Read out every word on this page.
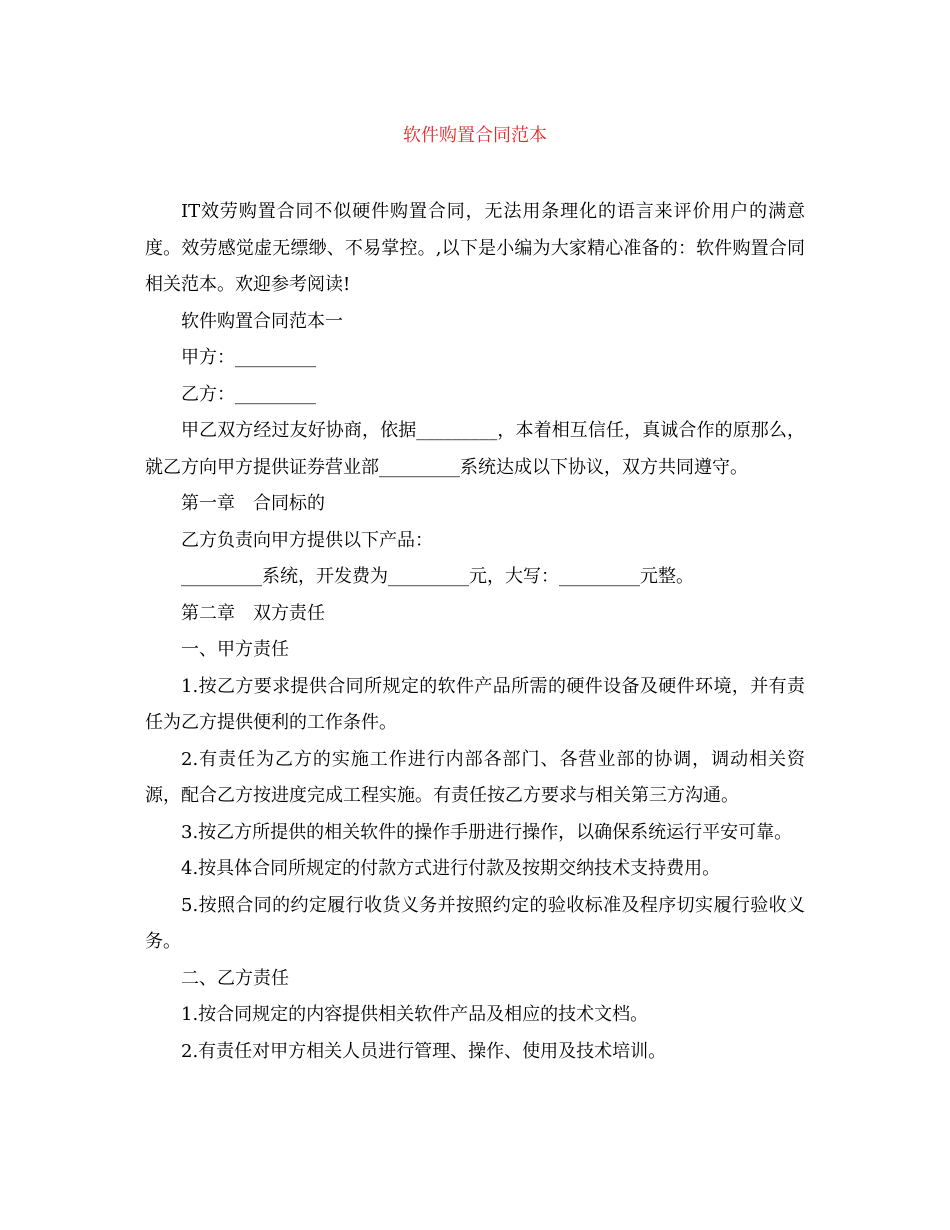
软件购置合同范本

IT效劳购置合同不似硬件购置合同，无法用条理化的语言来评价用户的满意度。效劳感觉虚无缥缈、不易掌控。,以下是小编为大家精心准备的：软件购置合同相关范本。欢迎参考阅读!

软件购置合同范本一

甲方：_________

乙方：_________

甲乙双方经过友好协商，依据_________，本着相互信任，真诚合作的原那么，就乙方向甲方提供证券营业部_________系统达成以下协议，双方共同遵守。

第一章　合同标的

乙方负责向甲方提供以下产品：

_________系统，开发费为_________元，大写：_________元整。

第二章　双方责任

一、甲方责任

1.按乙方要求提供合同所规定的软件产品所需的硬件设备及硬件环境，并有责任为乙方提供便利的工作条件。

2.有责任为乙方的实施工作进行内部各部门、各营业部的协调，调动相关资源，配合乙方按进度完成工程实施。有责任按乙方要求与相关第三方沟通。

3.按乙方所提供的相关软件的操作手册进行操作，以确保系统运行平安可靠。

4.按具体合同所规定的付款方式进行付款及按期交纳技术支持费用。

5.按照合同的约定履行收货义务并按照约定的验收标准及程序切实履行验收义务。

二、乙方责任

1.按合同规定的内容提供相关软件产品及相应的技术文档。

2.有责任对甲方相关人员进行管理、操作、使用及技术培训。
